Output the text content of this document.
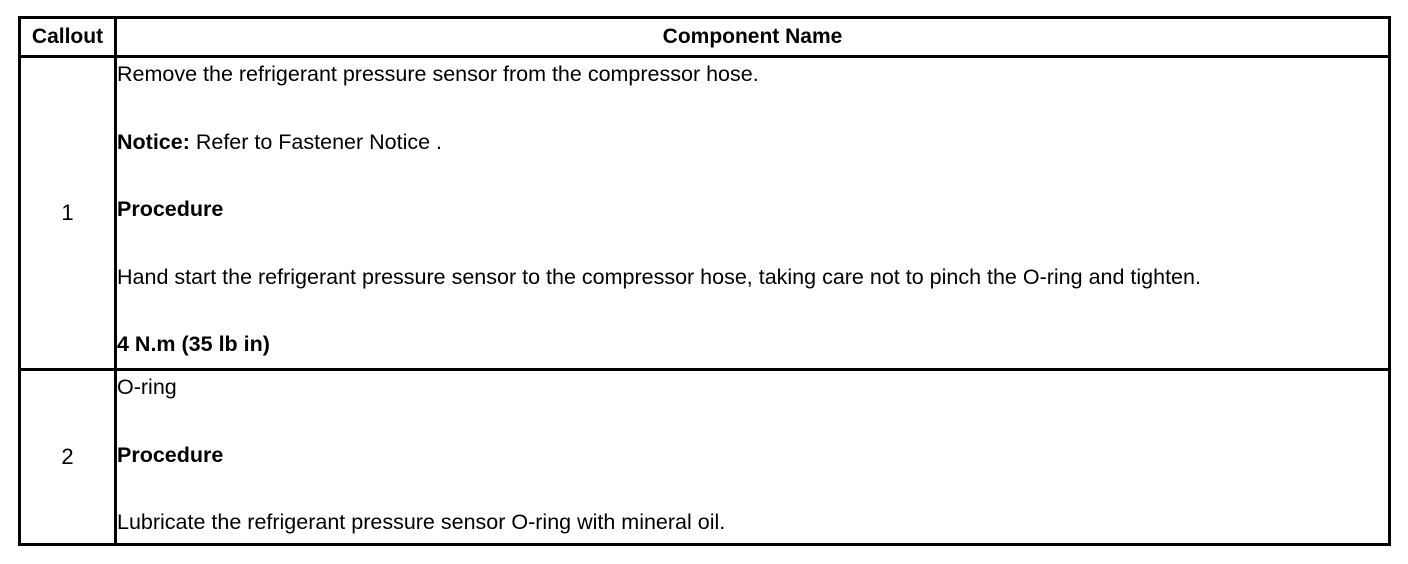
Callout	Component Name
1	Remove the refrigerant pressure sensor from the compressor hose.
Notice: Refer to Fastener Notice .
Procedure
Hand start the refrigerant pressure sensor to the compressor hose, taking care not to pinch the O-ring and tighten.
4 N.m (35 lb in)

2	O-ring
Procedure
Lubricate the refrigerant pressure sensor O-ring with mineral oil.
